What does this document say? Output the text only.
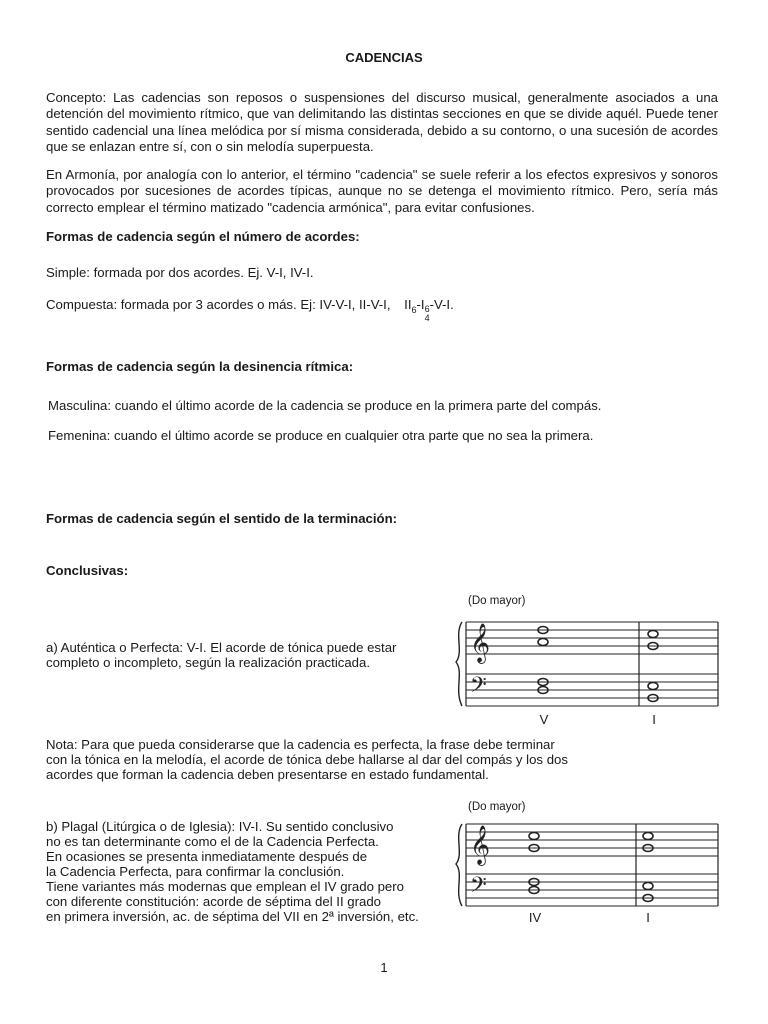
CADENCIAS
Concepto: Las cadencias son reposos o suspensiones del discurso musical, generalmente asociados a una detención del movimiento rítmico, que van delimitando las distintas secciones en que se divide aquél. Puede tener sentido cadencial una línea melódica por sí misma considerada, debido a su contorno, o una sucesión de acordes que se enlazan entre sí, con o sin melodía superpuesta.
En Armonía, por analogía con lo anterior, el término "cadencia" se suele referir a los efectos expresivos y sonoros provocados por sucesiones de acordes típicas, aunque no se detenga el movimiento rítmico. Pero, sería más correcto emplear el término matizado "cadencia armónica", para evitar confusiones.
Formas de cadencia según el número de acordes:
Simple: formada por dos acordes. Ej. V-I, IV-I.
Compuesta: formada por 3 acordes o más. Ej: IV-V-I, II-V-I, $II_6-I_{6 4}-V-I$.
Formas de cadencia según la desinencia rítmica:
Masculina: cuando el último acorde de la cadencia se produce en la primera parte del compás.
Femenina: cuando el último acorde se produce en cualquier otra parte que no sea la primera.
Formas de cadencia según el sentido de la terminación:
Conclusivas:
(Do mayor)
a) Auténtica o Perfecta: V-I. El acorde de tónica puede estar
completo o incompleto, según la realización practicada.	𝄞
𝄢
V	I
Nota: Para que pueda considerarse que la cadencia es perfecta, la frase debe terminar
con la tónica en la melodía, el acorde de tónica debe hallarse al dar del compás y los dos
acordes que forman la cadencia deben presentarse en estado fundamental.
(Do mayor)
b) Plagal (Litúrgica o de Iglesia): IV-I. Su sentido conclusivo
no es tan determinante como el de la Cadencia Perfecta.
En ocasiones se presenta inmediatamente después de
la Cadencia Perfecta, para confirmar la conclusión.
Tiene variantes más modernas que emplean el IV grado pero
con diferente constitución: acorde de séptima del II grado
en primera inversión, ac. de séptima del VII en 2ª inversión, etc.
𝄞
𝄢
IV	I
1
